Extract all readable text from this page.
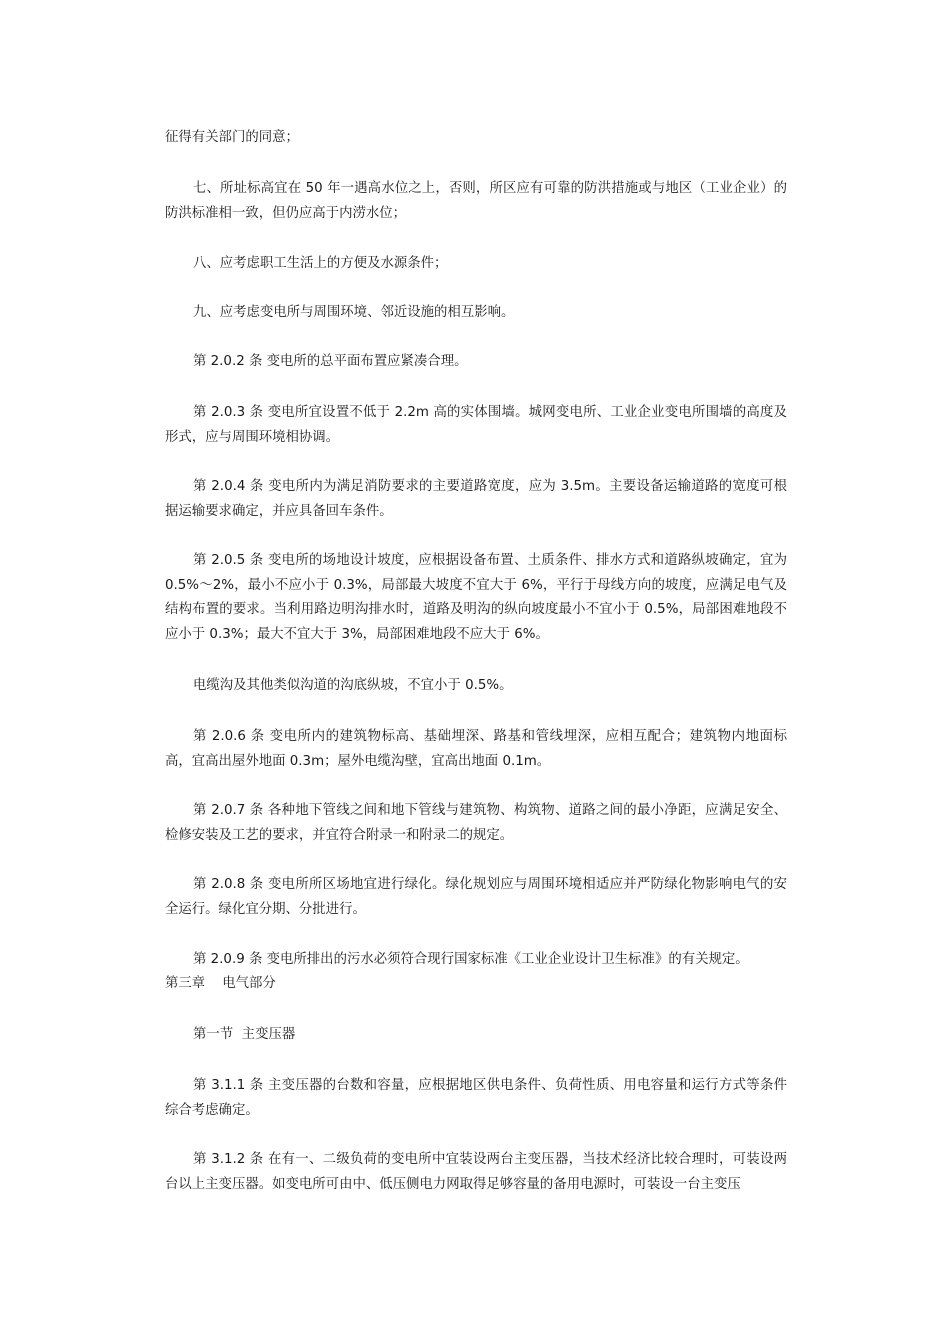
征得有关部门的同意；

七、所址标高宜在 50 年一遇高水位之上，否则，所区应有可靠的防洪措施或与地区（工业企业）的防洪标准相一致，但仍应高于内涝水位；

八、应考虑职工生活上的方便及水源条件；

九、应考虑变电所与周围环境、邻近设施的相互影响。

第 2.0.2 条 变电所的总平面布置应紧凑合理。

第 2.0.3 条 变电所宜设置不低于 2.2m 高的实体围墙。城网变电所、工业企业变电所围墙的高度及形式，应与周围环境相协调。

第 2.0.4 条 变电所内为满足消防要求的主要道路宽度，应为 3.5m。主要设备运输道路的宽度可根据运输要求确定，并应具备回车条件。

第 2.0.5 条 变电所的场地设计坡度，应根据设备布置、土质条件、排水方式和道路纵坡确定，宜为 0.5%～2%，最小不应小于 0.3%，局部最大坡度不宜大于 6%，平行于母线方向的坡度，应满足电气及结构布置的要求。当利用路边明沟排水时，道路及明沟的纵向坡度最小不宜小于 0.5%，局部困难地段不应小于 0.3%；最大不宜大于 3%，局部困难地段不应大于 6%。

电缆沟及其他类似沟道的沟底纵坡，不宜小于 0.5%。

第 2.0.6 条 变电所内的建筑物标高、基础埋深、路基和管线埋深，应相互配合；建筑物内地面标高，宜高出屋外地面 0.3m；屋外电缆沟壁，宜高出地面 0.1m。

第 2.0.7 条 各种地下管线之间和地下管线与建筑物、构筑物、道路之间的最小净距，应满足安全、检修安装及工艺的要求，并宜符合附录一和附录二的规定。

第 2.0.8 条 变电所所区场地宜进行绿化。绿化规划应与周围环境相适应并严防绿化物影响电气的安全运行。绿化宜分期、分批进行。

第 2.0.9 条 变电所排出的污水必须符合现行国家标准《工业企业设计卫生标准》的有关规定。

第三章    电气部分

第一节  主变压器

第 3.1.1 条 主变压器的台数和容量，应根据地区供电条件、负荷性质、用电容量和运行方式等条件综合考虑确定。

第 3.1.2 条 在有一、二级负荷的变电所中宜装设两台主变压器，当技术经济比较合理时，可装设两台以上主变压器。如变电所可由中、低压侧电力网取得足够容量的备用电源时，可装设一台主变压
